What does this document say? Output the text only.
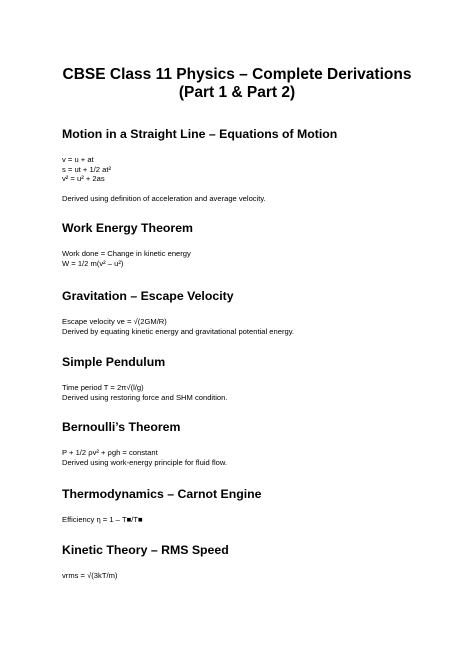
CBSE Class 11 Physics – Complete Derivations
(Part 1 & Part 2)
Motion in a Straight Line – Equations of Motion
v = u + at
s = ut + 1/2 at²
v² = u² + 2as
Derived using definition of acceleration and average velocity.
Work Energy Theorem
Work done = Change in kinetic energy
W = 1/2 m(v² – u²)
Gravitation – Escape Velocity
Escape velocity ve = √(2GM/R)
Derived by equating kinetic energy and gravitational potential energy.
Simple Pendulum
Time period T = 2π√(l/g)
Derived using restoring force and SHM condition.
Bernoulli’s Theorem
P + 1/2 ρv² + ρgh = constant
Derived using work-energy principle for fluid flow.
Thermodynamics – Carnot Engine
Efficiency η = 1 – T■/T■
Kinetic Theory – RMS Speed
vrms = √(3kT/m)
